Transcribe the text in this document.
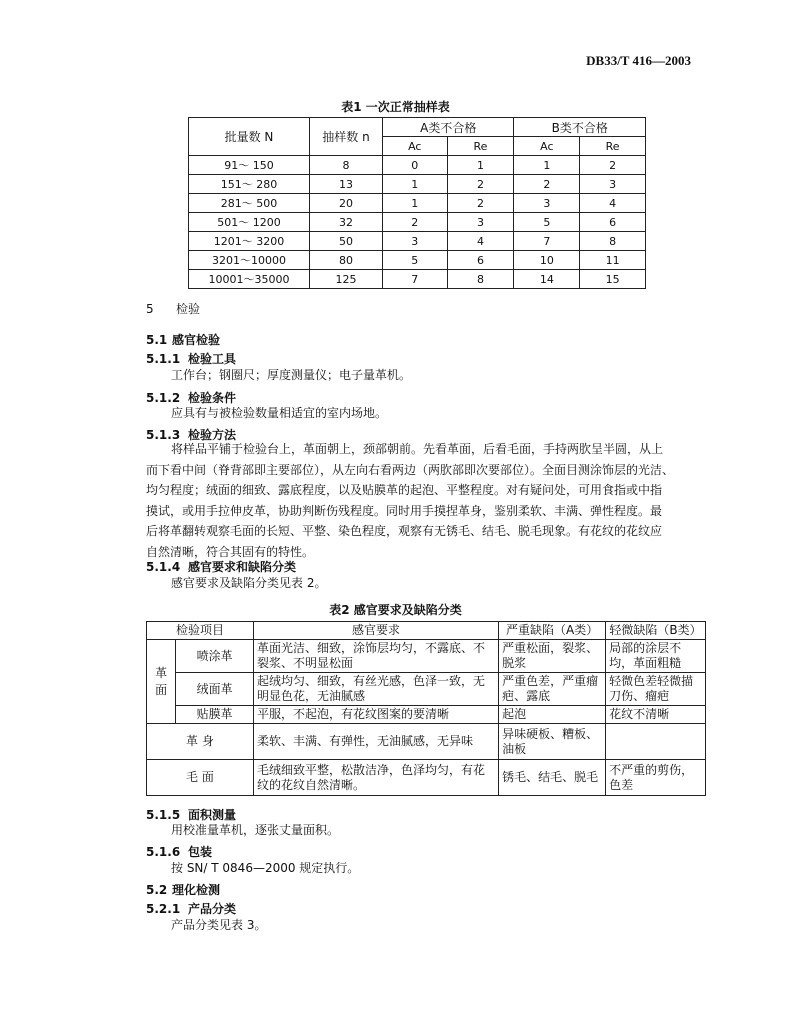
DB33/T 416—2003
表1 一次正常抽样表
批量数 N	抽样数 n	A类不合格		B类不合格	
		Ac	Re	Ac	Re
91～ 150	8	0	1	1	2
151～ 280	13	1	2	2	3
281～ 500	20	1	2	3	4
501～ 1200	32	2	3	5	6
1201～ 3200	50	3	4	7	8
3201～10000	80	5	6	10	11
10001～35000	125	7	8	14	15
5 检验
5.1 感官检验
5.1.1 检验工具
工作台；钢圈尺；厚度测量仪；电子量革机。
5.1.2 检验条件
应具有与被检验数量相适宜的室内场地。
5.1.3 检验方法
将样品平铺于检验台上，革面朝上，颈部朝前。先看革面，后看毛面，手持两肷呈半圆，从上
而下看中间（脊背部即主要部位），从左向右看两边（两肷部即次要部位）。全面目测涂饰层的光洁、
均匀程度；绒面的细致、露底程度，以及贴膜革的起泡、平整程度。对有疑问处，可用食指或中指
摸试，或用手拉伸皮革，协助判断伤残程度。同时用手摸捏革身，鉴别柔软、丰满、弹性程度。最
后将革翻转观察毛面的长短、平整、染色程度，观察有无锈毛、结毛、脱毛现象。有花纹的花纹应
自然清晰，符合其固有的特性。
5.1.4 感官要求和缺陷分类
感官要求及缺陷分类见表 2。
表2 感官要求及缺陷分类
检验项目		感官要求	严重缺陷（A类）	轻微缺陷（B类）

革面	喷涂革	革面光洁、细致，涂饰层均匀，不露底、不裂浆、不明显松面	严重松面，裂浆、脱浆	局部的涂层不均，革面粗糙
	绒面革	起绒均匀、细致，有丝光感，色泽一致，无明显色花，无油腻感	严重色差，严重瘤疤、露底	轻微色差轻微描刀伤、瘤疤
	贴膜革	平服，不起泡，有花纹图案的要清晰	起泡	花纹不清晰
革 身		柔软、丰满、有弹性，无油腻感，无异味	异味硬板、糟板、油板	
毛 面		毛绒细致平整，松散洁净，色泽均匀，有花纹的花纹自然清晰。	锈毛、结毛、脱毛	不严重的剪伤，色差
5.1.5 面积测量
用校准量革机，逐张丈量面积。
5.1.6 包装
按 SN/ T 0846—2000 规定执行。
5.2 理化检测
5.2.1 产品分类
产品分类见表 3。
